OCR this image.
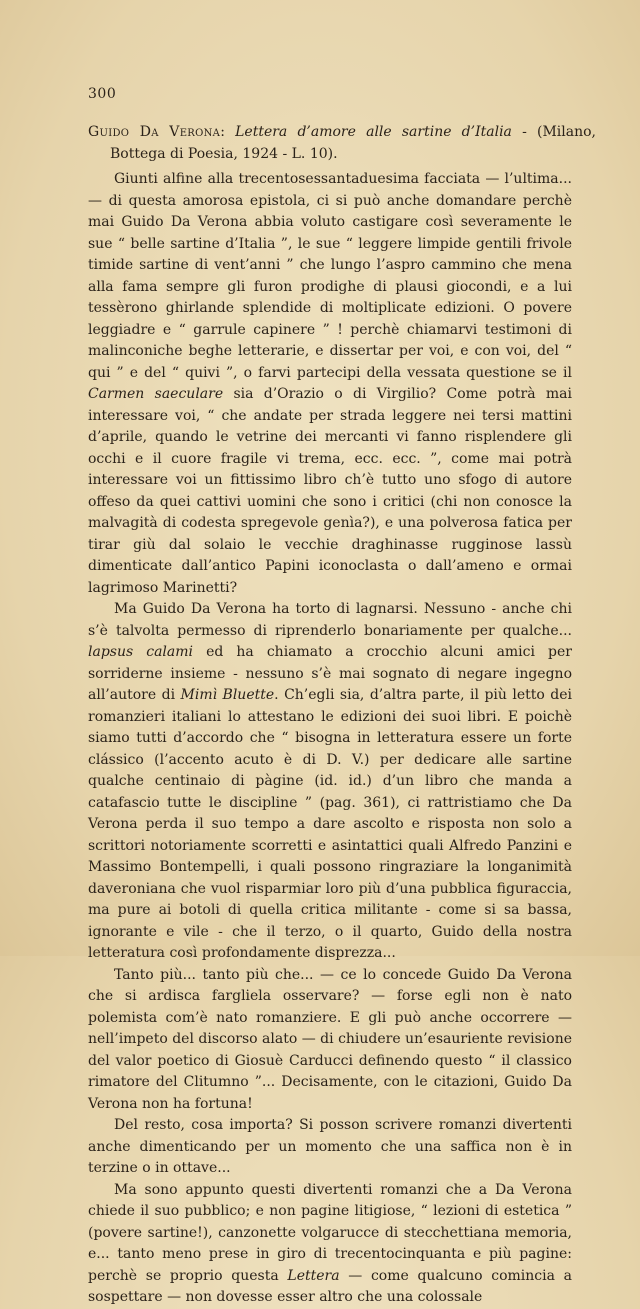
300
Guido Da Verona: Lettera d’amore alle sartine d’Italia - (Milano, Bottega di Poesia, 1924 - L. 10).

Giunti alfine alla trecentosessantaduesima facciata — l’ultima... — di questa amorosa epistola, ci si può anche domandare perchè mai Guido Da Verona abbia voluto castigare così severamente le sue “ belle sartine d’Italia ”, le sue “ leggere limpide gentili frivole timide sartine di vent’anni ” che lungo l’aspro cammino che mena alla fama sempre gli furon prodighe di plausi giocondi, e a lui tessèrono ghirlande splendide di moltiplicate edizioni. O povere leggiadre e “ garrule capinere ” ! perchè chiamarvi testimoni di malinconiche beghe letterarie, e dissertar per voi, e con voi, del “ qui ” e del “ quivi ”, o farvi partecipi della vessata questione se il Carmen saeculare sia d’Orazio o di Virgilio? Come potrà mai interessare voi, “ che andate per strada leggere nei tersi mattini d’aprile, quando le vetrine dei mercanti vi fanno risplendere gli occhi e il cuore fragile vi trema, ecc. ecc. ”, come mai potrà interessare voi un fittissimo libro ch’è tutto uno sfogo di autore offeso da quei cattivi uomini che sono i critici (chi non conosce la malvagità di codesta spregevole genìa?), e una polverosa fatica per tirar giù dal solaio le vecchie draghinasse rugginose lassù dimenticate dall’antico Papini iconoclasta o dall’ameno e ormai lagrimoso Marinetti?

Ma Guido Da Verona ha torto di lagnarsi. Nessuno - anche chi s’è talvolta permesso di riprenderlo bonariamente per qualche... lapsus calami ed ha chiamato a crocchio alcuni amici per sorriderne insieme - nessuno s’è mai sognato di negare ingegno all’autore di Mimì Bluette. Ch’egli sia, d’altra parte, il più letto dei romanzieri italiani lo attestano le edizioni dei suoi libri. E poichè siamo tutti d’accordo che “ bisogna in letteratura essere un forte clássico (l’accento acuto è di D. V.) per dedicare alle sartine qualche centinaio di pàgine (id. id.) d’un libro che manda a catafascio tutte le discipline ” (pag. 361), ci rattristiamo che Da Verona perda il suo tempo a dare ascolto e risposta non solo a scrittori notoriamente scorretti e asintattici quali Alfredo Panzini e Massimo Bontempelli, i quali possono ringraziare la longanimità daveroniana che vuol risparmiar loro più d’una pubblica figuraccia, ma pure ai botoli di quella critica militante - come si sa bassa, ignorante e vile - che il terzo, o il quarto, Guido della nostra letteratura così profondamente disprezza...

Tanto più... tanto più che... — ce lo concede Guido Da Verona che si ardisca fargliela osservare? — forse egli non è nato polemista com’è nato romanziere. E gli può anche occorrere — nell’impeto del discorso alato — di chiudere un’esauriente revisione del valor poetico di Giosuè Carducci definendo questo “ il classico rimatore del Clitumno ”... Decisamente, con le citazioni, Guido Da Verona non ha fortuna!

Del resto, cosa importa? Si posson scrivere romanzi divertenti anche dimenticando per un momento che una saffica non è in terzine o in ottave...

Ma sono appunto questi divertenti romanzi che a Da Verona chiede il suo pubblico; e non pagine litigiose, “ lezioni di estetica ” (povere sartine!), canzonette volgarucce di stecchettiana memoria, e... tanto meno prese in giro di trecentocinquanta e più pagine: perchè se proprio questa Lettera — come qualcuno comincia a sospettare — non dovesse esser altro che una colossale
